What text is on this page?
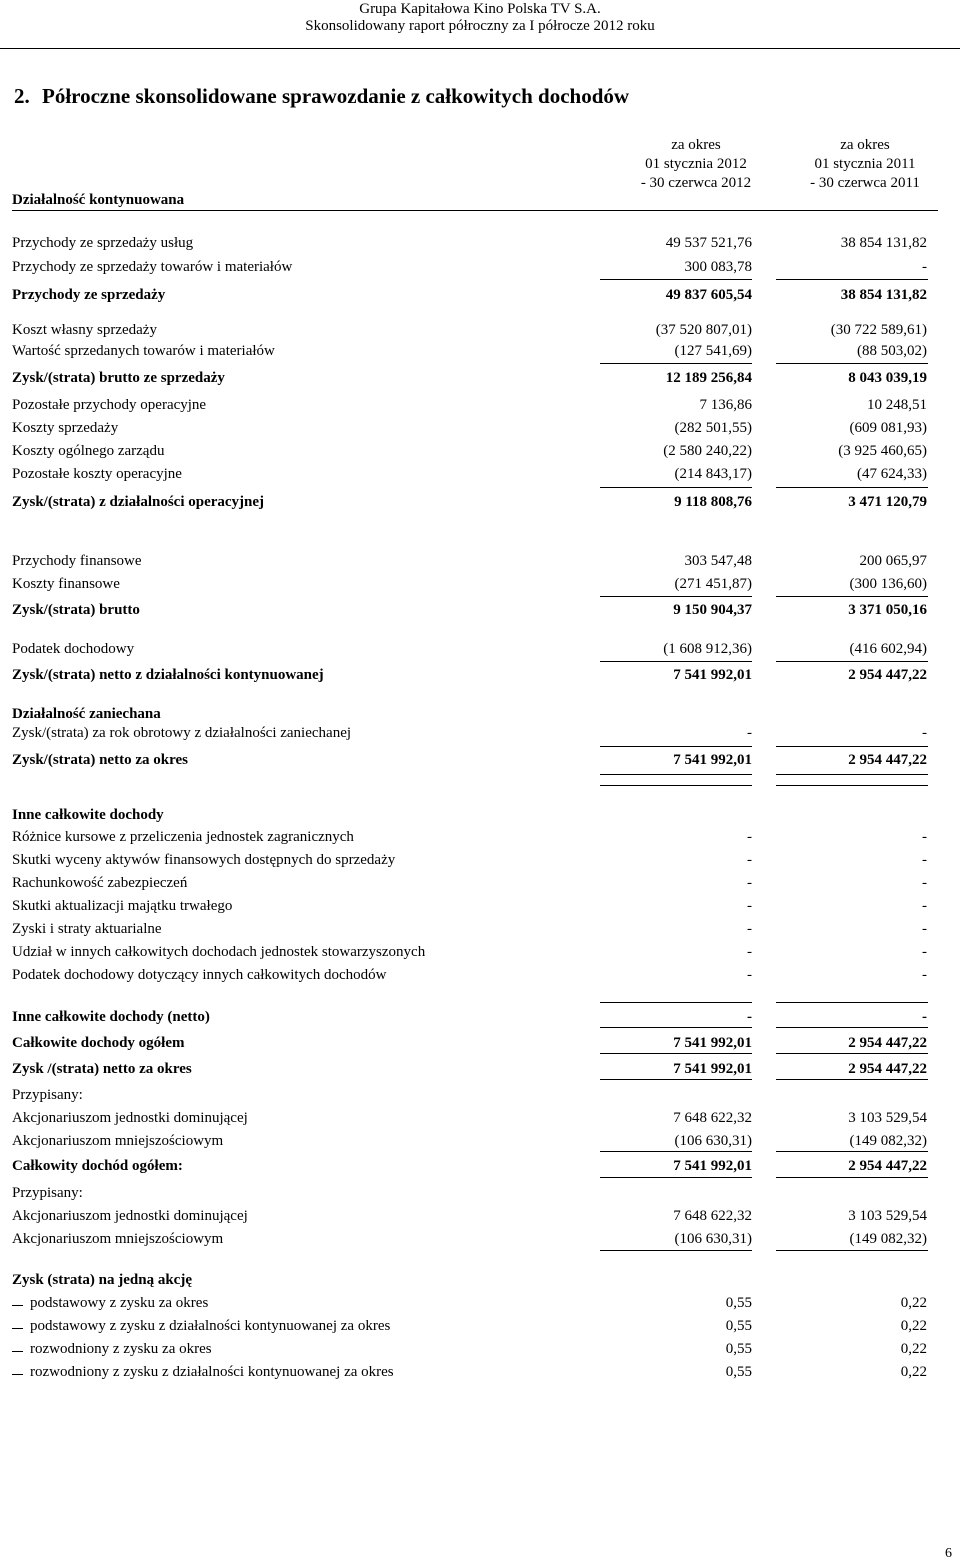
Grupa Kapitałowa Kino Polska TV S.A.
Skonsolidowany raport półroczny za I półrocze 2012 roku
2. Półroczne skonsolidowane sprawozdanie z całkowitych dochodów
za okres
01 stycznia 2012
- 30 czerwca 2012
za okres
01 stycznia 2011
- 30 czerwca 2011
Działalność kontynuowana
Przychody ze sprzedaży usług	49 537 521,76	38 854 131,82
Przychody ze sprzedaży towarów i materiałów	300 083,78	-
Przychody ze sprzedaży	49 837 605,54	38 854 131,82
Koszt własny sprzedaży	(37 520 807,01)	(30 722 589,61)
Wartość sprzedanych towarów i materiałów	(127 541,69)	(88 503,02)
Zysk/(strata) brutto ze sprzedaży	12 189 256,84	8 043 039,19
Pozostałe przychody operacyjne	7 136,86	10 248,51
Koszty sprzedaży	(282 501,55)	(609 081,93)
Koszty ogólnego zarządu	(2 580 240,22)	(3 925 460,65)
Pozostałe koszty operacyjne	(214 843,17)	(47 624,33)
Zysk/(strata) z działalności operacyjnej	9 118 808,76	3 471 120,79
Przychody finansowe	303 547,48	200 065,97
Koszty finansowe	(271 451,87)	(300 136,60)
Zysk/(strata) brutto	9 150 904,37	3 371 050,16
Podatek dochodowy	(1 608 912,36)	(416 602,94)
Zysk/(strata) netto z działalności kontynuowanej	7 541 992,01	2 954 447,22
Działalność zaniechana
Zysk/(strata) za rok obrotowy z działalności zaniechanej	-	-
Zysk/(strata) netto za okres	7 541 992,01	2 954 447,22
Inne całkowite dochody
Różnice kursowe z przeliczenia jednostek zagranicznych	-	-
Skutki wyceny aktywów finansowych dostępnych do sprzedaży	-	-
Rachunkowość zabezpieczeń	-	-
Skutki aktualizacji majątku trwałego	-	-
Zyski i straty aktuarialne	-	-
Udział w innych całkowitych dochodach jednostek stowarzyszonych	-	-
Podatek dochodowy dotyczący innych całkowitych dochodów	-	-
Inne całkowite dochody (netto)	-	-
Całkowite dochody ogółem	7 541 992,01	2 954 447,22
Zysk /(strata) netto za okres	7 541 992,01	2 954 447,22
Przypisany:
Akcjonariuszom jednostki dominującej	7 648 622,32	3 103 529,54
Akcjonariuszom mniejszościowym	(106 630,31)	(149 082,32)
Całkowity dochód ogółem:	7 541 992,01	2 954 447,22
Przypisany:
Akcjonariuszom jednostki dominującej	7 648 622,32	3 103 529,54
Akcjonariuszom mniejszościowym	(106 630,31)	(149 082,32)
Zysk (strata) na jedną akcję
podstawowy z zysku za okres	0,55	0,22
podstawowy z zysku z działalności kontynuowanej za okres	0,55	0,22
rozwodniony z zysku za okres	0,55	0,22
rozwodniony z zysku z działalności kontynuowanej za okres	0,55	0,22
6
